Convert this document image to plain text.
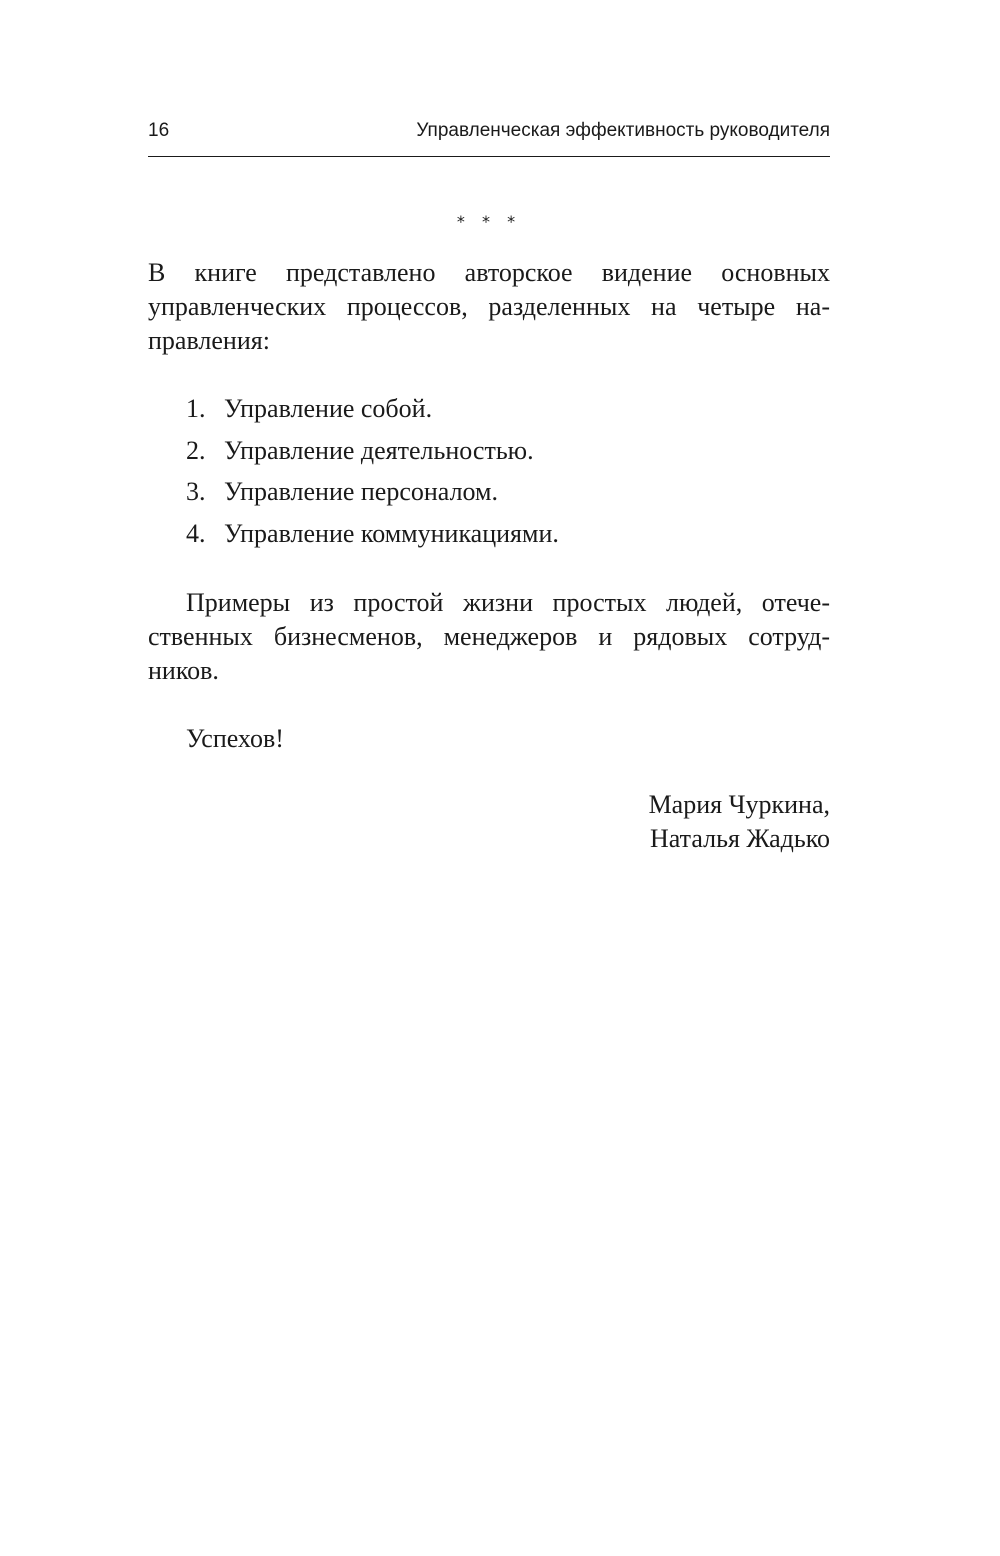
16	Управленческая эффективность руководителя
* * *

В книге представлено авторское видение основных
управленческих процессов, разделенных на четыре на-
правления:

1. Управление собой.
2. Управление деятельностью.
3. Управление персоналом.
4. Управление коммуникациями.

Примеры из простой жизни простых людей, отече-
ственных бизнесменов, менеджеров и рядовых сотруд-
ников.

Успехов!

Мария Чуркина,
Наталья Жадько
